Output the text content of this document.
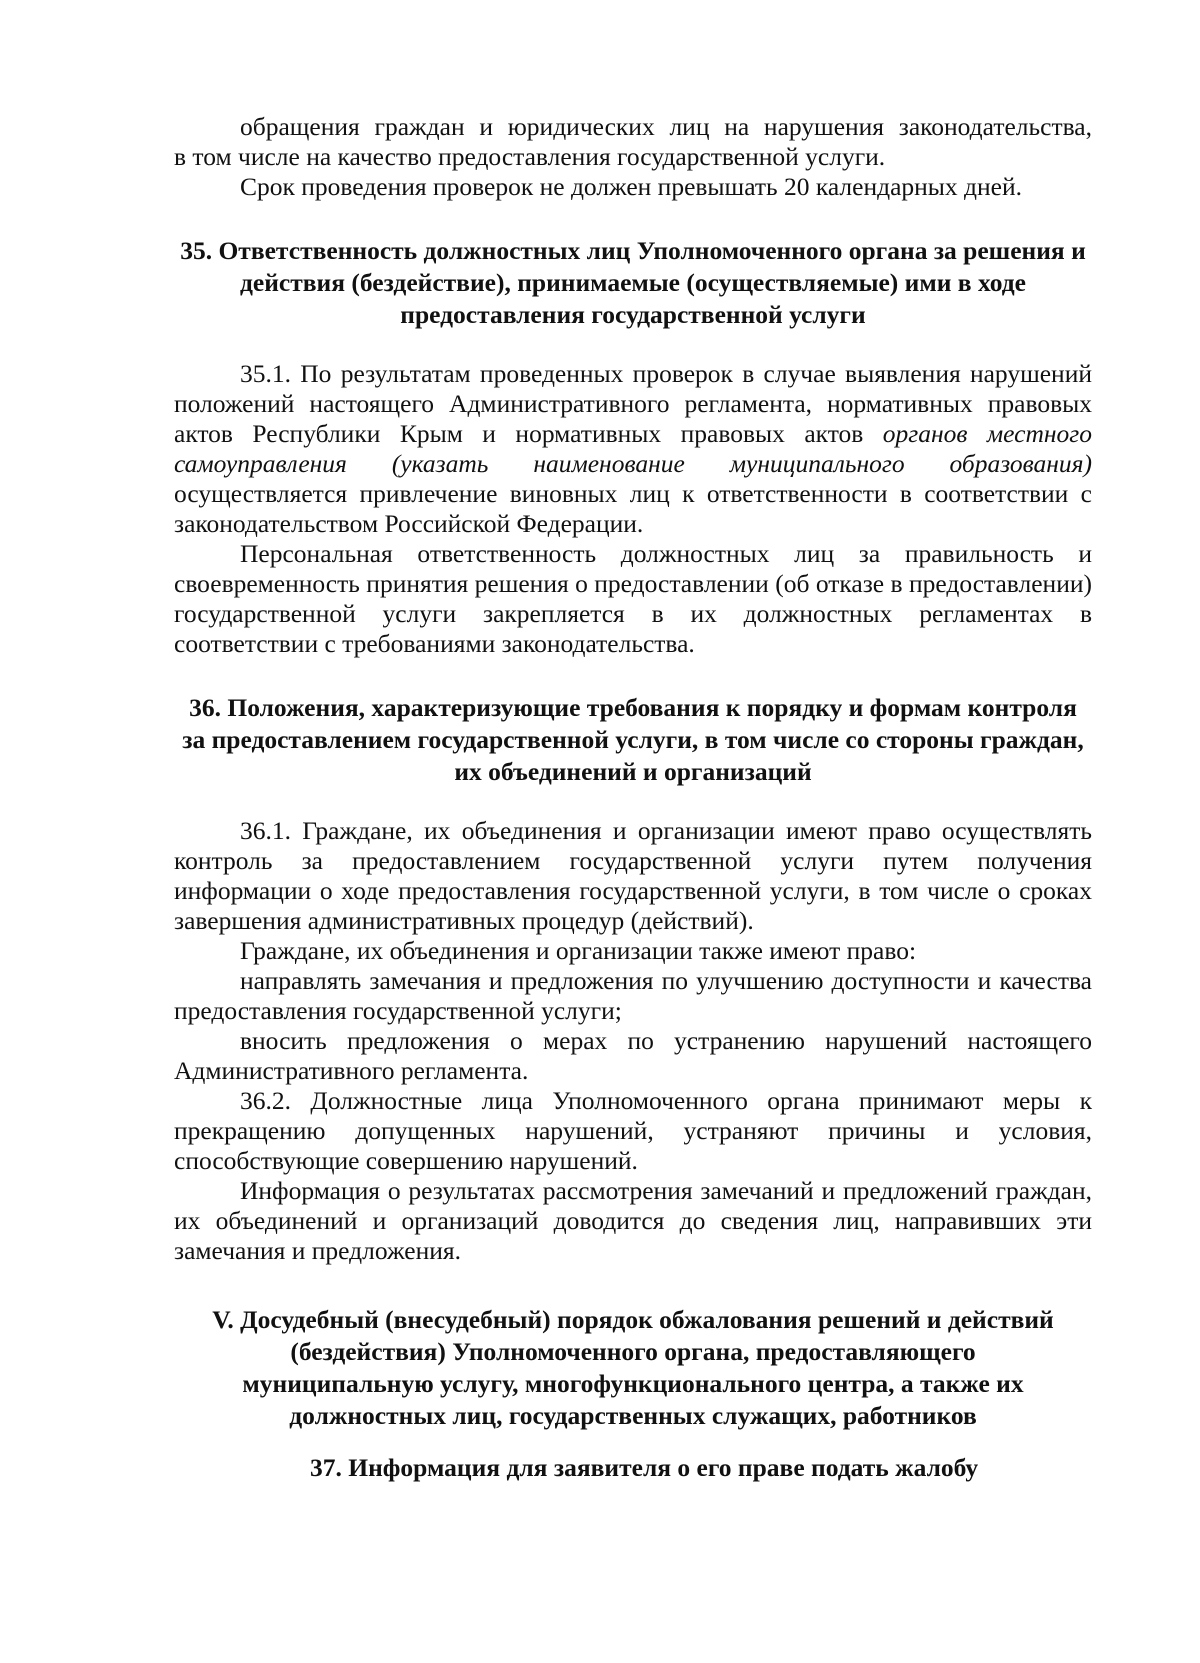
обращения граждан и юридических лиц на нарушения законодательства,

в том числе на качество предоставления государственной услуги.

Срок проведения проверок не должен превышать 20 календарных дней.

35. Ответственность должностных лиц Уполномоченного органа за решения и действия (бездействие), принимаемые (осуществляемые) ими в ходе предоставления государственной услуги

35.1. По результатам проведенных проверок в случае выявления нарушений положений настоящего Административного регламента, нормативных правовых актов Республики Крым и нормативных правовых актов органов местного самоуправления (указать наименование муниципального образования) осуществляется привлечение виновных лиц к ответственности в соответствии с законодательством Российской Федерации.

Персональная ответственность должностных лиц за правильность и своевременность принятия решения о предоставлении (об отказе в предоставлении) государственной услуги закрепляется в их должностных регламентах в соответствии с требованиями законодательства.

36. Положения, характеризующие требования к порядку и формам контроля за предоставлением государственной услуги, в том числе со стороны граждан, их объединений и организаций

36.1. Граждане, их объединения и организации имеют право осуществлять контроль за предоставлением государственной услуги путем получения информации о ходе предоставления государственной услуги, в том числе о сроках завершения административных процедур (действий).

Граждане, их объединения и организации также имеют право:

направлять замечания и предложения по улучшению доступности и качества предоставления государственной услуги;

вносить предложения о мерах по устранению нарушений настоящего Административного регламента.

36.2. Должностные лица Уполномоченного органа принимают меры к прекращению допущенных нарушений, устраняют причины и условия, способствующие совершению нарушений.

Информация о результатах рассмотрения замечаний и предложений граждан, их объединений и организаций доводится до сведения лиц, направивших эти замечания и предложения.

V. Досудебный (внесудебный) порядок обжалования решений и действий (бездействия) Уполномоченного органа, предоставляющего муниципальную услугу, многофункционального центра, а также их должностных лиц, государственных служащих, работников

37. Информация для заявителя о его праве подать жалобу
